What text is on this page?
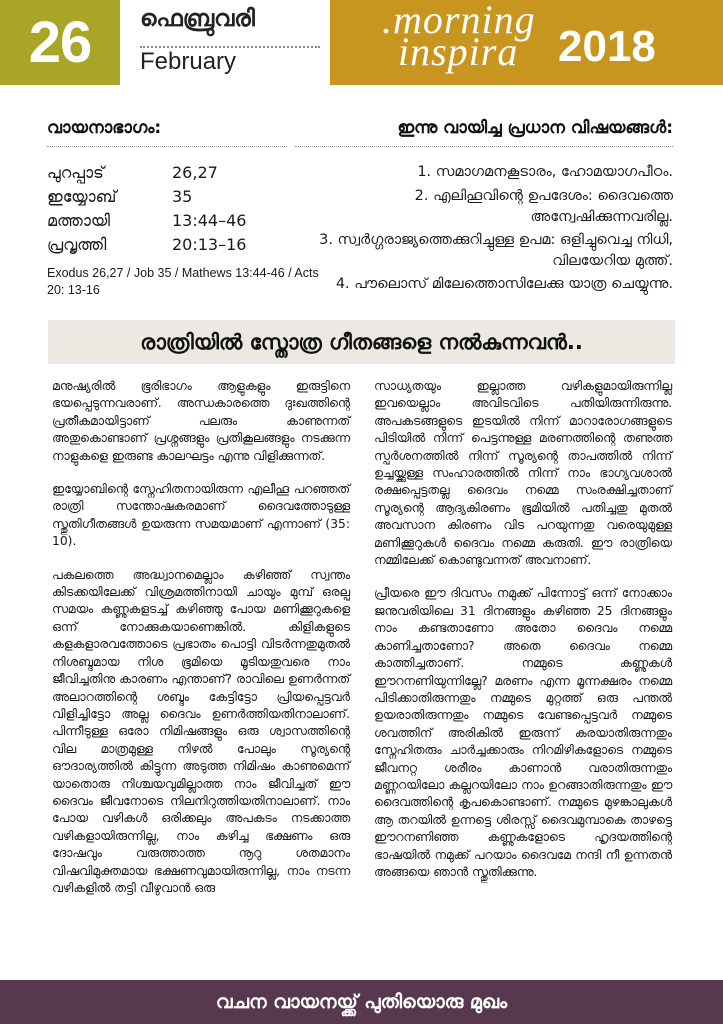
26	ഫെബ്രുവരി
February
.morning
inspira 2018
വായനാഭാഗം:
പുറപ്പാട്	26,27
ഇയ്യോബ്	35
മത്തായി	13:44–46
പ്രവൃത്തി	20:13–16
Exodus 26,27 / Job 35 / Mathews 13:44-46 / Acts 20: 13-16
ഇന്നു വായിച്ച പ്രധാന വിഷയങ്ങൾ:
1. സമാഗമനകൂടാരം, ഹോമയാഗപീഠം.
2. എലിഹൂവിന്റെ ഉപദേശം: ദൈവത്തെ അന്വേഷിക്കുന്നവരില്ല.
3. സ്വർഗ്ഗരാജ്യത്തെക്കുറിച്ചുള്ള ഉപമ: ഒളിച്ചുവെച്ച നിധി, വിലയേറിയ മുത്ത്.
4. പൗലൊസ് മിലേത്തൊസിലേക്കു യാത്ര ചെയ്യുന്നു.
രാത്രിയിൽ സ്തോത്ര ഗീതങ്ങളെ നൽകുന്നവൻ..

മനുഷ്യരിൽ ഭൂരിഭാഗം ആളുകളും ഇരുട്ടിനെ ഭയപ്പെടുന്നവരാണ്. അന്ധകാരത്തെ ദുഃഖത്തിന്റെ പ്രതീകമായിട്ടാണ് പലരും കാണുന്നത് അതുകൊണ്ടാണ് പ്രശ്നങ്ങളും പ്രതികൂലങ്ങളും നടക്കുന്ന നാളുകളെ ഇരുണ്ട കാലഘട്ടം എന്നു വിളിക്കുന്നത്.

ഇയ്യോബിന്റെ സ്നേഹിതനായിരുന്ന എലീഹൂ പറഞ്ഞത് രാത്രി സന്തോഷകരമാണ് ദൈവത്തോടുള്ള സ്തുതിഗീതങ്ങൾ ഉയരുന്ന സമയമാണ് എന്നാണ് (35: 10).

പകലത്തെ അദ്ധ്വാനമെല്ലാം കഴിഞ്ഞ് സ്വന്തം കിടക്കയിലേക്ക് വിശ്രമത്തിനായി ചായും മുമ്പ് ഒരല്പ സമയം കണ്ണുകളടച്ച് കഴിഞ്ഞു പോയ മണിക്കൂറുകളെ ഒന്ന് നോക്കുകയാണെങ്കിൽ. കിളികളുടെ കളകളാരവത്തോടെ പ്രഭാതം പൊട്ടി വിടർന്നതുമുതൽ നിശബ്ദമായ നിശ ഭൂമിയെ മൂടിയതുവരെ നാം ജീവിച്ചതിനു കാരണം എന്താണ്? രാവിലെ ഉണർന്നത് അലാറത്തിന്റെ ശബ്ദം കേട്ടിട്ടോ പ്രിയപ്പെട്ടവർ വിളിച്ചിട്ടോ അല്ല ദൈവം ഉണർത്തിയതിനാലാണ്. പിന്നീടുള്ള ഒരോ നിമിഷങ്ങളും ഒരു ശ്വാസത്തിന്റെ വില മാത്രമുള്ള നിഴൽ പോലും സൂര്യന്റെ ഔദാര്യത്തിൽ കിട്ടുന്ന അടുത്ത നിമിഷം കാണുമെന്ന് യാതൊരു നിശ്ചയവുമില്ലാത്ത നാം ജീവിച്ചത് ഈ ദൈവം ജീവനോടെ നിലനിറുത്തിയതിനാലാണ്. നാം പോയ വഴികൾ ഒരിക്കലും അപകടം നടക്കാത്ത വഴികളായിരുന്നില്ല, നാം കഴിച്ച ഭക്ഷണം ഒരു ദോഷവും വരുത്താത്ത നൂറു ശതമാനം വിഷവിമുക്തമായ ഭക്ഷണവുമായിരുന്നില്ല, നാം നടന്ന വഴികളിൽ തട്ടി വീഴുവാൻ ഒരു

സാധ്യതയും ഇല്ലാത്ത വഴികളുമായിരുന്നില്ല ഇവയെല്ലാം അവിടവിടെ പതിയിരുന്നിരുന്നു. അപകടങ്ങളുടെ ഇടയിൽ നിന്ന് മാറാരോഗങ്ങളുടെ പിടിയിൽ നിന്ന് പെട്ടന്നുള്ള മരണത്തിന്റെ തണുത്ത സ്പർശനത്തിൽ നിന്ന് സൂര്യന്റെ താപത്തിൽ നിന്ന് ഉച്ചയ്ക്കുള്ള സംഹാരത്തിൽ നിന്ന് നാം ഭാഗ്യവശാൽ രക്ഷപ്പെട്ടതല്ല ദൈവം നമ്മെ സംരക്ഷിച്ചതാണ് സൂര്യന്റെ ആദ്യകിരണം ഭൂമിയിൽ പതിച്ചതു മുതൽ അവസാന കിരണം വിട പറയുന്നതു വരെയുമുള്ള മണിക്കൂറുകൾ ദൈവം നമ്മെ കരുതി. ഈ രാത്രിയെ നമ്മിലേക്ക് കൊണ്ടുവന്നത് അവനാണ്.

പ്രീയരെ ഈ ദിവസം നമുക്ക് പിന്നോട്ട് ഒന്ന് നോക്കാം ജനുവരിയിലെ 31 ദിനങ്ങളും കഴിഞ്ഞ 25 ദിനങ്ങളും നാം കണ്ടതാണോ അതോ ദൈവം നമ്മെ കാണിച്ചതാണോ? അതെ ദൈവം നമ്മെ കാത്തിച്ചതാണ്. നമ്മുടെ കണ്ണുകൾ ഈറനണിയുന്നില്ലേ? മരണം എന്ന മൂന്നക്ഷരം നമ്മെ പിടിക്കാതിരുന്നതും നമ്മുടെ മുറ്റത്ത് ഒരു പന്തൽ ഉയരാതിരുന്നതും നമ്മുടെ വേണ്ടപ്പെട്ടവർ നമ്മുടെ ശവത്തിന് അരികിൽ ഇരുന്ന് കരയാതിരുന്നതും സ്നേഹിതരും ചാർച്ചക്കാരും നിറമിഴികളോടെ നമ്മുടെ ജീവനറ്റ ശരീരം കാണാൻ വരാതിരുന്നതും മണ്ണറയിലോ കല്ലറയിലോ നാം ഉറങ്ങാതിരുന്നതും ഈ ദൈവത്തിന്റെ കൃപകൊണ്ടാണ്. നമ്മുടെ മുഴങ്കാലുകൾ ആ തറയിൽ ഉന്നട്ടെ ശിരസ്സ് ദൈവമുമ്പാകെ താഴട്ടെ ഈറനണിഞ്ഞ കണ്ണുകളോടെ ഹൃദയത്തിന്റെ ഭാഷയിൽ നമുക്ക് പറയാം ദൈവമേ നന്ദി നീ ഉന്നതൻ അങ്ങയെ ഞാൻ സ്തുതിക്കുന്നു.

വചന വായനയ്ക്ക് പുതിയൊരു മുഖം
